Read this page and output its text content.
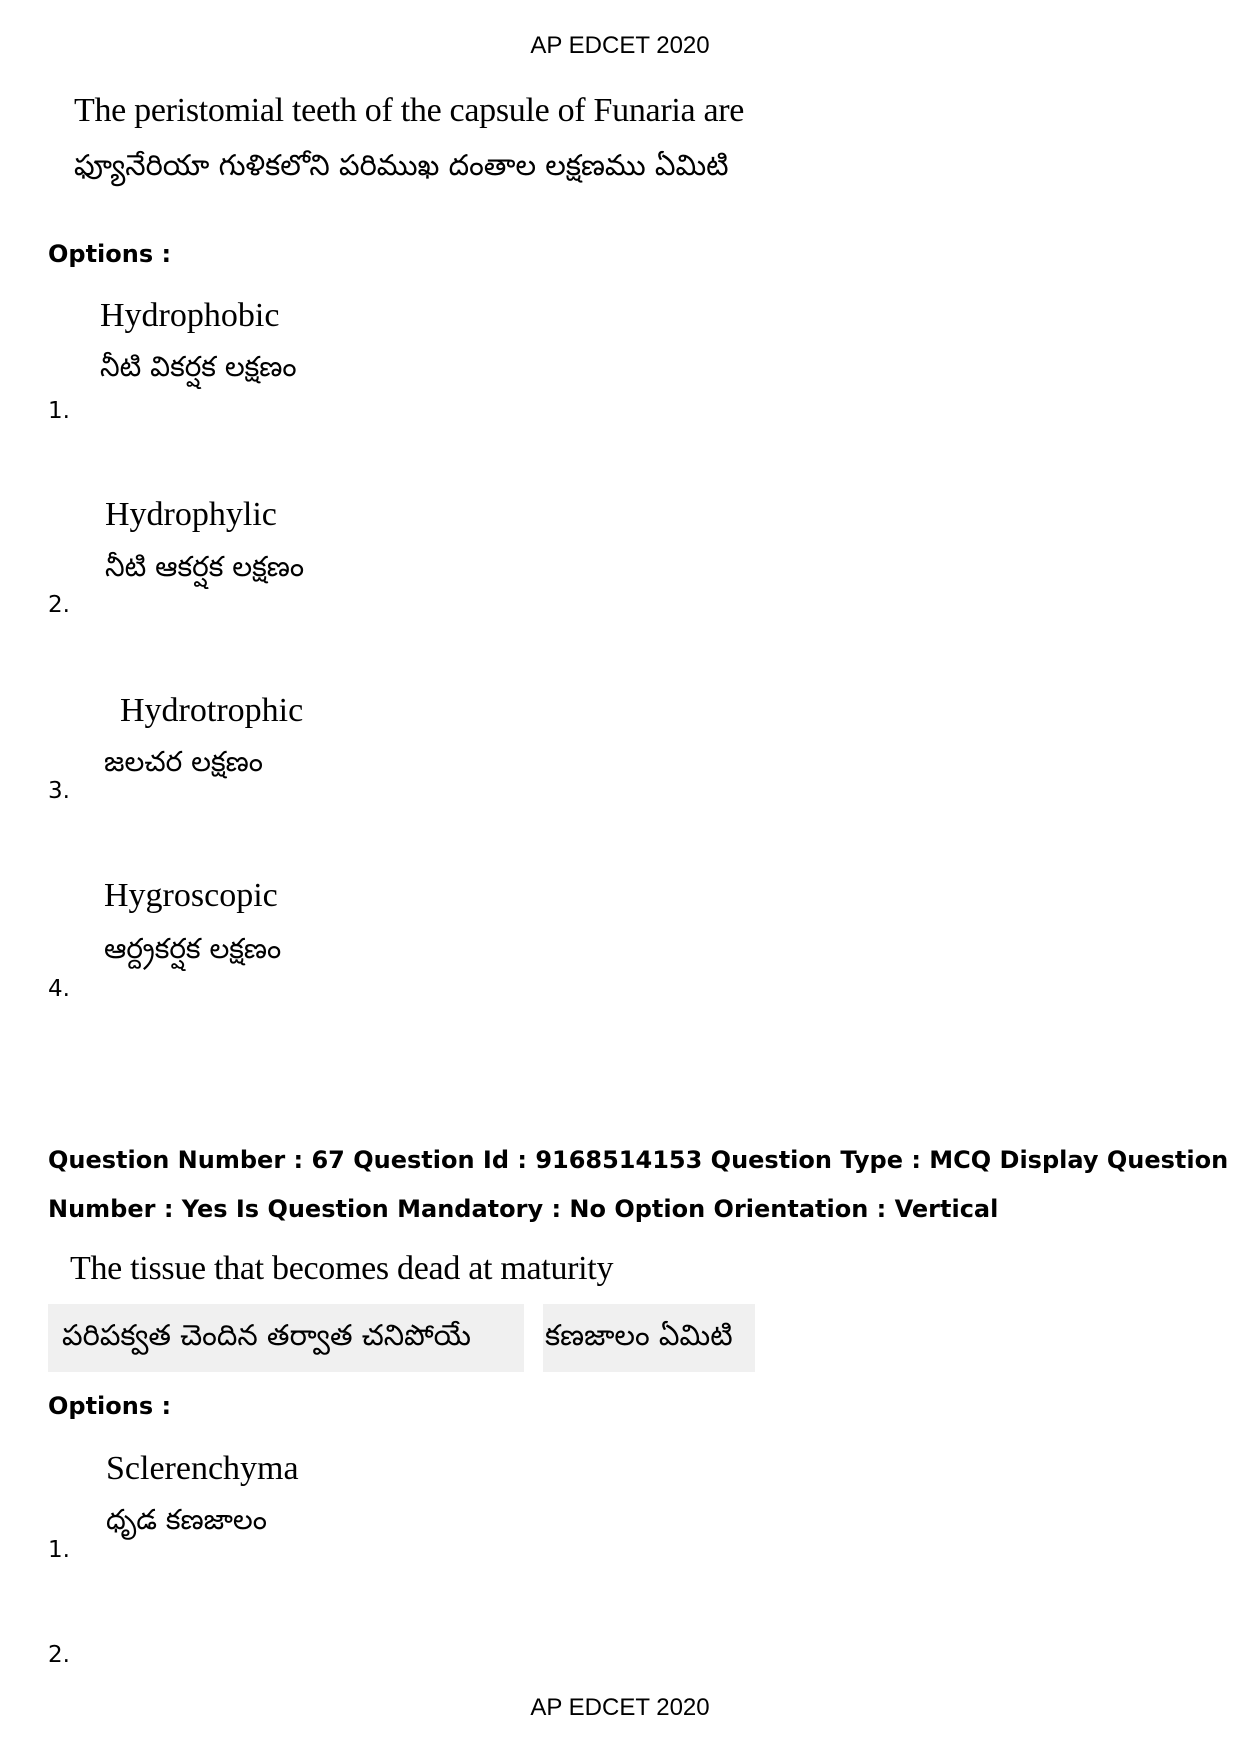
AP EDCET 2020
The peristomial teeth of the capsule of Funaria are
ఫ్యూనేరియా గుళికలోని పరిముఖ దంతాల లక్షణము ఏమిటి
Options :
Hydrophobic
నీటి వికర్షక లక్షణం
1.
Hydrophylic
నీటి ఆకర్షక లక్షణం
2.
Hydrotrophic
జలచర లక్షణం
3.
Hygroscopic
ఆర్ద్రకర్షక లక్షణం
4.
Question Number : 67 Question Id : 9168514153 Question Type : MCQ Display Question
Number : Yes Is Question Mandatory : No Option Orientation : Vertical
The tissue that becomes dead at maturity
పరిపక్వత చెందిన తర్వాత చనిపోయే	కణజాలం ఏమిటి
Options :
Sclerenchyma
ధృడ కణజాలం
1.
2.
AP EDCET 2020
